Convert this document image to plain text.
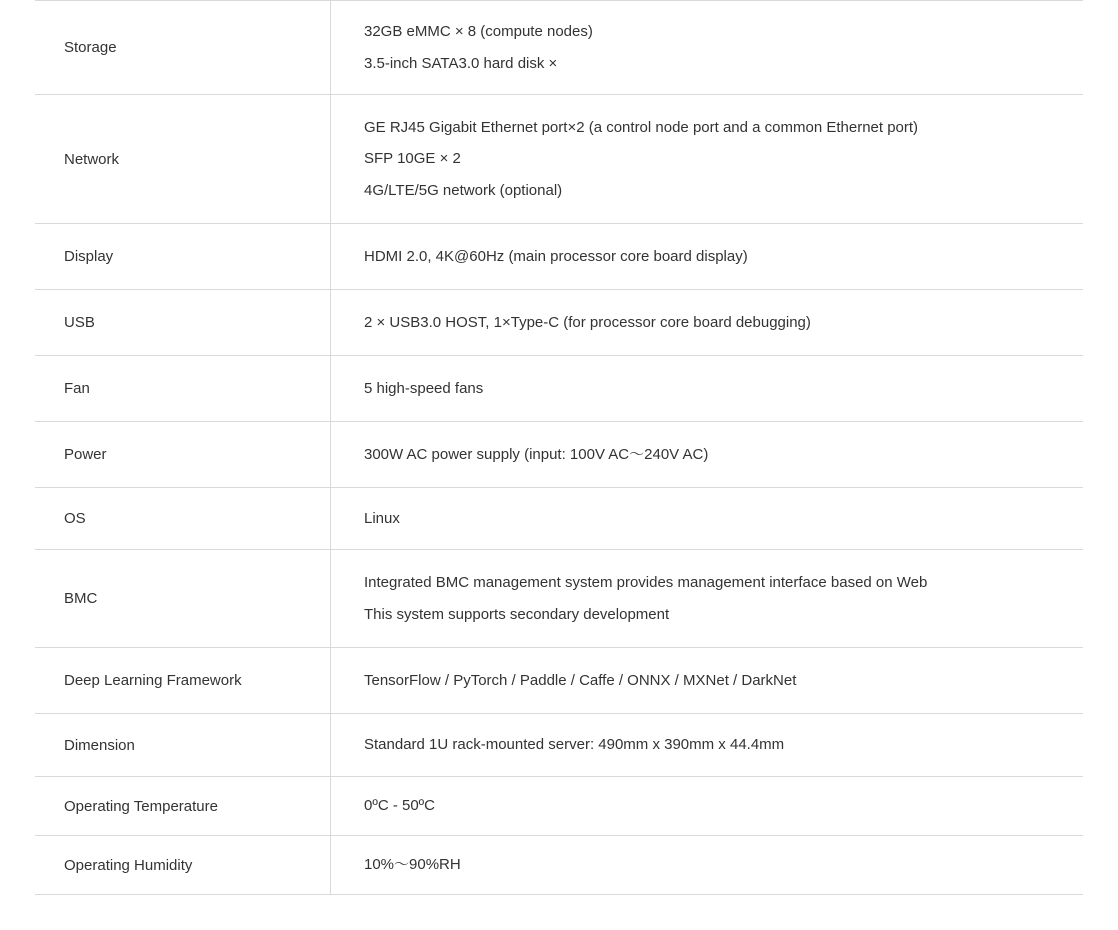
Storage	32GB eMMC × 8 (compute nodes)
3.5-inch SATA3.0 hard disk ×

Network	GE RJ45 Gigabit Ethernet port×2 (a control node port and a common Ethernet port)
SFP 10GE × 2
4G/LTE/5G network (optional)

Display	HDMI 2.0, 4K@60Hz (main processor core board display)

USB	2 × USB3.0 HOST, 1×Type-C (for processor core board debugging)

Fan	5 high-speed fans

Power	300W AC power supply (input: 100V AC～240V AC)

OS	Linux

BMC	Integrated BMC management system provides management interface based on Web
This system supports secondary development

Deep Learning Framework	TensorFlow / PyTorch / Paddle / Caffe / ONNX / MXNet / DarkNet

Dimension	Standard 1U rack-mounted server: 490mm x 390mm x 44.4mm

Operating Temperature	0ºC - 50ºC

Operating Humidity	10%～90%RH
